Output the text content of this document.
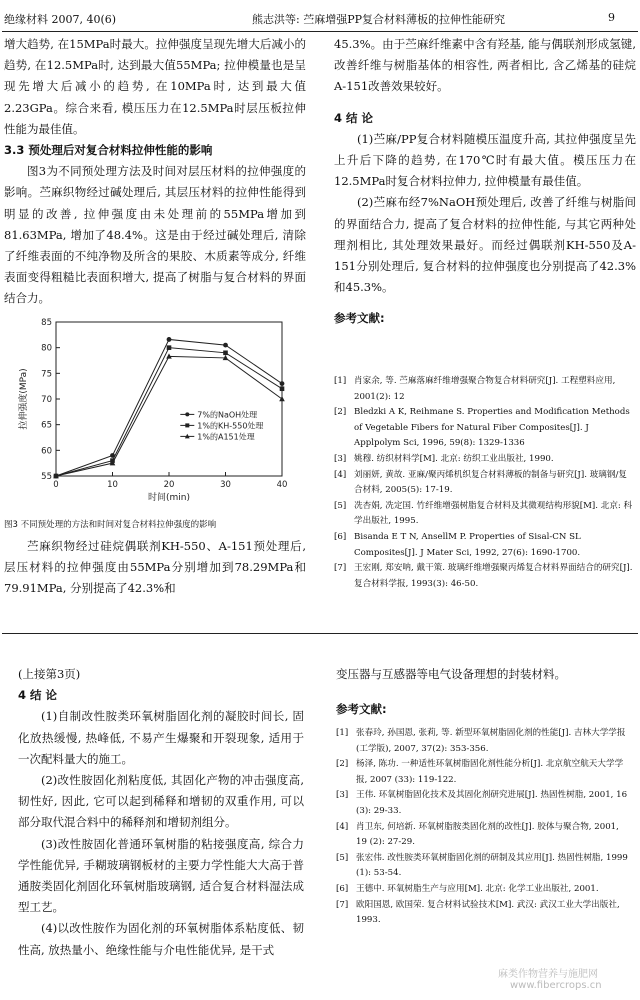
绝缘材料 2007, 40(6)	熊志洪等: 苎麻增强PP复合材料薄板的拉伸性能研究	9

增大趋势, 在15MPa时最大。拉伸强度呈现先增大后减小的趋势, 在12.5MPa时, 达到最大值55MPa; 拉伸模量也是呈现先增大后减小的趋势, 在10MPa时, 达到最大值2.23GPa。综合来看, 模压压力在12.5MPa时层压板拉伸性能为最佳值。

3.3 预处理后对复合材料拉伸性能的影响

图3为不同预处理方法及时间对层压材料的拉伸强度的影响。苎麻织物经过碱处理后, 其层压材料的拉伸性能得到明显的改善, 拉伸强度由未处理前的55MPa增加到81.63MPa, 增加了48.4%。这是由于经过碱处理后, 清除了纤维表面的不纯净物及所含的果胶、木质素等成分, 纤维表面变得粗糙比表面积增大, 提高了树脂与复合材料的界面结合力。

55
60
65
70
75
80
85
0	10	20	30	40
时间(min)
拉伸强度(MPa)	7%的NaOH处理
1%的KH-550处理
1%的A151处理
图3 不同预处理的方法和时间对复合材料拉伸强度的影响

苎麻织物经过硅烷偶联剂KH-550、A-151预处理后, 层压材料的拉伸强度由55MPa分别增加到78.29MPa和79.91MPa, 分别提高了42.3%和

45.3%。由于苎麻纤维素中含有羟基, 能与偶联剂形成氢键, 改善纤维与树脂基体的相容性, 两者相比, 含乙烯基的硅烷A-151改善效果较好。

4 结 论

(1)苎麻/PP复合材料随模压温度升高, 其拉伸强度呈先上升后下降的趋势, 在170℃时有最大值。模压压力在12.5MPa时复合材料拉伸力, 拉伸模量有最佳值。

(2)苎麻布经7%NaOH预处理后, 改善了纤维与树脂间的界面结合力, 提高了复合材料的拉伸性能, 与其它两种处理剂相比, 其处理效果最好。而经过偶联剂KH-550及A-151分别处理后, 复合材料的拉伸强度也分别提高了42.3%和45.3%。

参考文献:

[1] 肖家余, 等. 苎麻落麻纤维增强聚合物复合材料研究[J]. 工程塑料应用, 2001(2): 12
[2] Bledzki A K, Reihmane S. Properties and Modification Methods of Vegetable Fibers for Natural Fiber Composites[J]. J Applpolym Sci, 1996, 59(8): 1329-1336
[3] 姚穆. 纺织材料学[M]. 北京: 纺织工业出版社, 1990.
[4] 刘丽妍, 黄故. 亚麻/聚丙烯机织复合材料薄板的制备与研究[J]. 玻璃钢/复合材料, 2005(5): 17-19.
[5] 冼杏娟, 冼定国. 竹纤维增强树脂复合材料及其微观结构形貌[M]. 北京: 科学出版社, 1995.
[6] Bisanda E T N, AnsellM P. Properties of Sisal-CN SL Composites[J]. J Mater Sci, 1992, 27(6): 1690-1700.
[7] 王宏刚, 郑安呐, 戴干策. 玻璃纤维增强聚丙烯复合材料界面结合的研究[J]. 复合材料学报, 1993(3): 46-50.

(上接第3页)

4 结 论

(1)自制改性胺类环氧树脂固化剂的凝胶时间长, 固化放热缓慢, 热峰低, 不易产生爆聚和开裂现象, 适用于一次配料量大的施工。

(2)改性胺固化剂粘度低, 其固化产物的冲击强度高, 韧性好, 因此, 它可以起到稀释和增韧的双重作用, 可以部分取代混合料中的稀释剂和增韧剂组分。

(3)改性胺固化普通环氧树脂的粘接强度高, 综合力学性能优异, 手糊玻璃钢板材的主要力学性能大大高于普通胺类固化剂固化环氧树脂玻璃钢, 适合复合材料湿法成型工艺。

(4)以改性胺作为固化剂的环氧树脂体系粘度低、韧性高, 放热量小、绝缘性能与介电性能优异, 是干式

变压器与互感器等电气设备理想的封装材料。

参考文献:

[1] 张春玲, 孙国恩, 张莉, 等. 新型环氧树脂固化剂的性能[J]. 吉林大学学报(工学版), 2007, 37(2): 353-356.
[2] 杨泽, 陈功. 一种适性环氧树脂固化剂性能分析[J]. 北京航空航天大学学报, 2007 (33): 119-122.
[3] 王伟. 环氧树脂固化技术及其固化剂研究进展[J]. 热固性树脂, 2001, 16 (3): 29-33.
[4] 肖卫东, 何培新. 环氧树脂胺类固化剂的改性[J]. 胶体与聚合物, 2001, 19 (2): 27-29.
[5] 张宏伟. 改性胺类环氧树脂固化剂的研制及其应用[J]. 热固性树脂, 1999 (1): 53-54.
[6] 王德中. 环氧树脂生产与应用[M]. 北京: 化学工业出版社, 2001.
[7] 欧阳国恩, 欧国荣. 复合材料试验技术[M]. 武汉: 武汉工业大学出版社, 1993.
麻类作物营养与施肥网
www.fibercrops.cn
